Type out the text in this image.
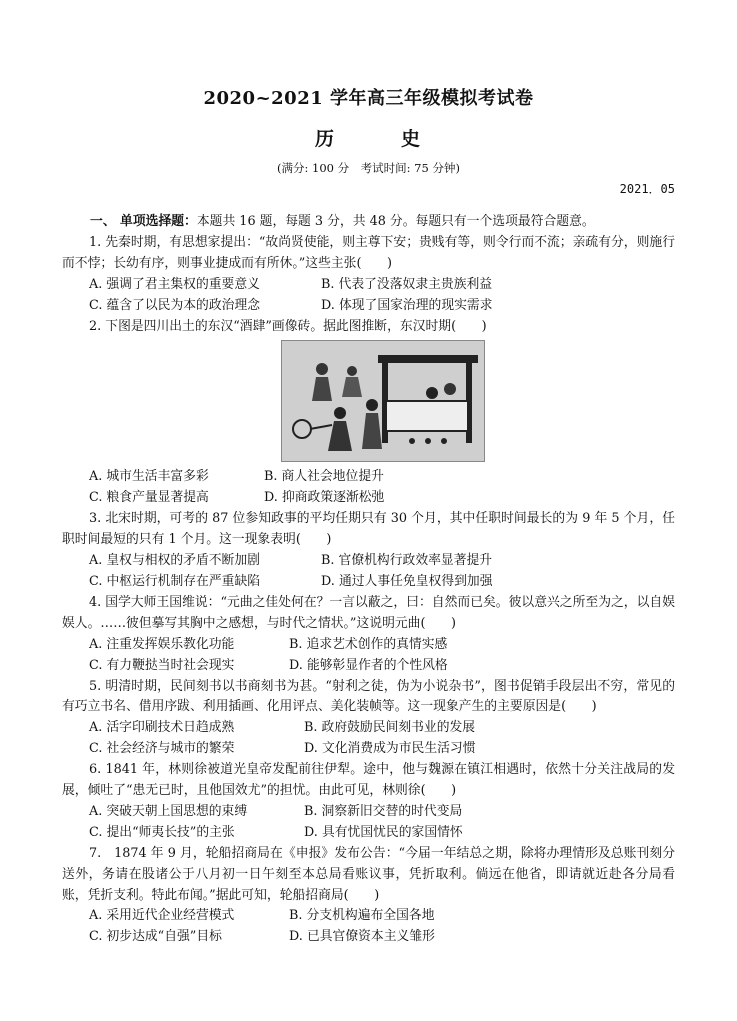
2020~2021 学年高三年级模拟考试卷
历　史
(满分: 100 分　考试时间: 75 分钟)
2021．05

一、 单项选择题：本题共 16 题，每题 3 分，共 48 分。每题只有一个选项最符合题意。

1. 先秦时期，有思想家提出：“故尚贤使能，则主尊下安；贵贱有等，则令行而不流；亲疏有分，则施行而不悖；长幼有序，则事业捷成而有所休。”这些主张(　　)

A. 强调了君主集权的重要意义	B. 代表了没落奴隶主贵族利益

C. 蕴含了以民为本的政治理念	D. 体现了国家治理的现实需求

2. 下图是四川出土的东汉“酒肆”画像砖。据此图推断，东汉时期(　　)

A. 城市生活丰富多彩	B. 商人社会地位提升

C. 粮食产量显著提高	D. 抑商政策逐渐松弛

3. 北宋时期，可考的 87 位参知政事的平均任期只有 30 个月，其中任职时间最长的为 9 年 5 个月，任职时间最短的只有 1 个月。这一现象表明(　　)

A. 皇权与相权的矛盾不断加剧	B. 官僚机构行政效率显著提升

C. 中枢运行机制存在严重缺陷	D. 通过人事任免皇权得到加强

4. 国学大师王国维说：“元曲之佳处何在？一言以蔽之，曰：自然而已矣。彼以意兴之所至为之，以自娱娱人。……彼但摹写其胸中之感想，与时代之情状。”这说明元曲(　　)

A. 注重发挥娱乐教化功能	B. 追求艺术创作的真情实感

C. 有力鞭挞当时社会现实	D. 能够彰显作者的个性风格

5. 明清时期，民间刻书以书商刻书为甚。“射利之徒，伪为小说杂书”，图书促销手段层出不穷，常见的有巧立书名、借用序跋、利用插画、化用评点、美化装帧等。这一现象产生的主要原因是(　　)

A. 活字印刷技术日趋成熟	B. 政府鼓励民间刻书业的发展

C. 社会经济与城市的繁荣	D. 文化消费成为市民生活习惯

6. 1841 年，林则徐被道光皇帝发配前往伊犁。途中，他与魏源在镇江相遇时，依然十分关注战局的发展，倾吐了“患无已时，且他国效尤”的担忧。由此可见，林则徐(　　)

A. 突破天朝上国思想的束缚	B. 洞察新旧交替的时代变局

C. 提出“师夷长技”的主张	D. 具有忧国忧民的家国情怀

7.　1874 年 9 月，轮船招商局在《申报》发布公告：“今届一年结总之期，除将办理情形及总账刊刻分送外，务请在股诸公于八月初一日午刻至本总局看账议事，凭折取利。倘远在他省，即请就近赴各分局看账，凭折支利。特此布闻。”据此可知，轮船招商局(　　)

A. 采用近代企业经营模式	B. 分支机构遍布全国各地

C. 初步达成“自强”目标	D. 已具官僚资本主义雏形
